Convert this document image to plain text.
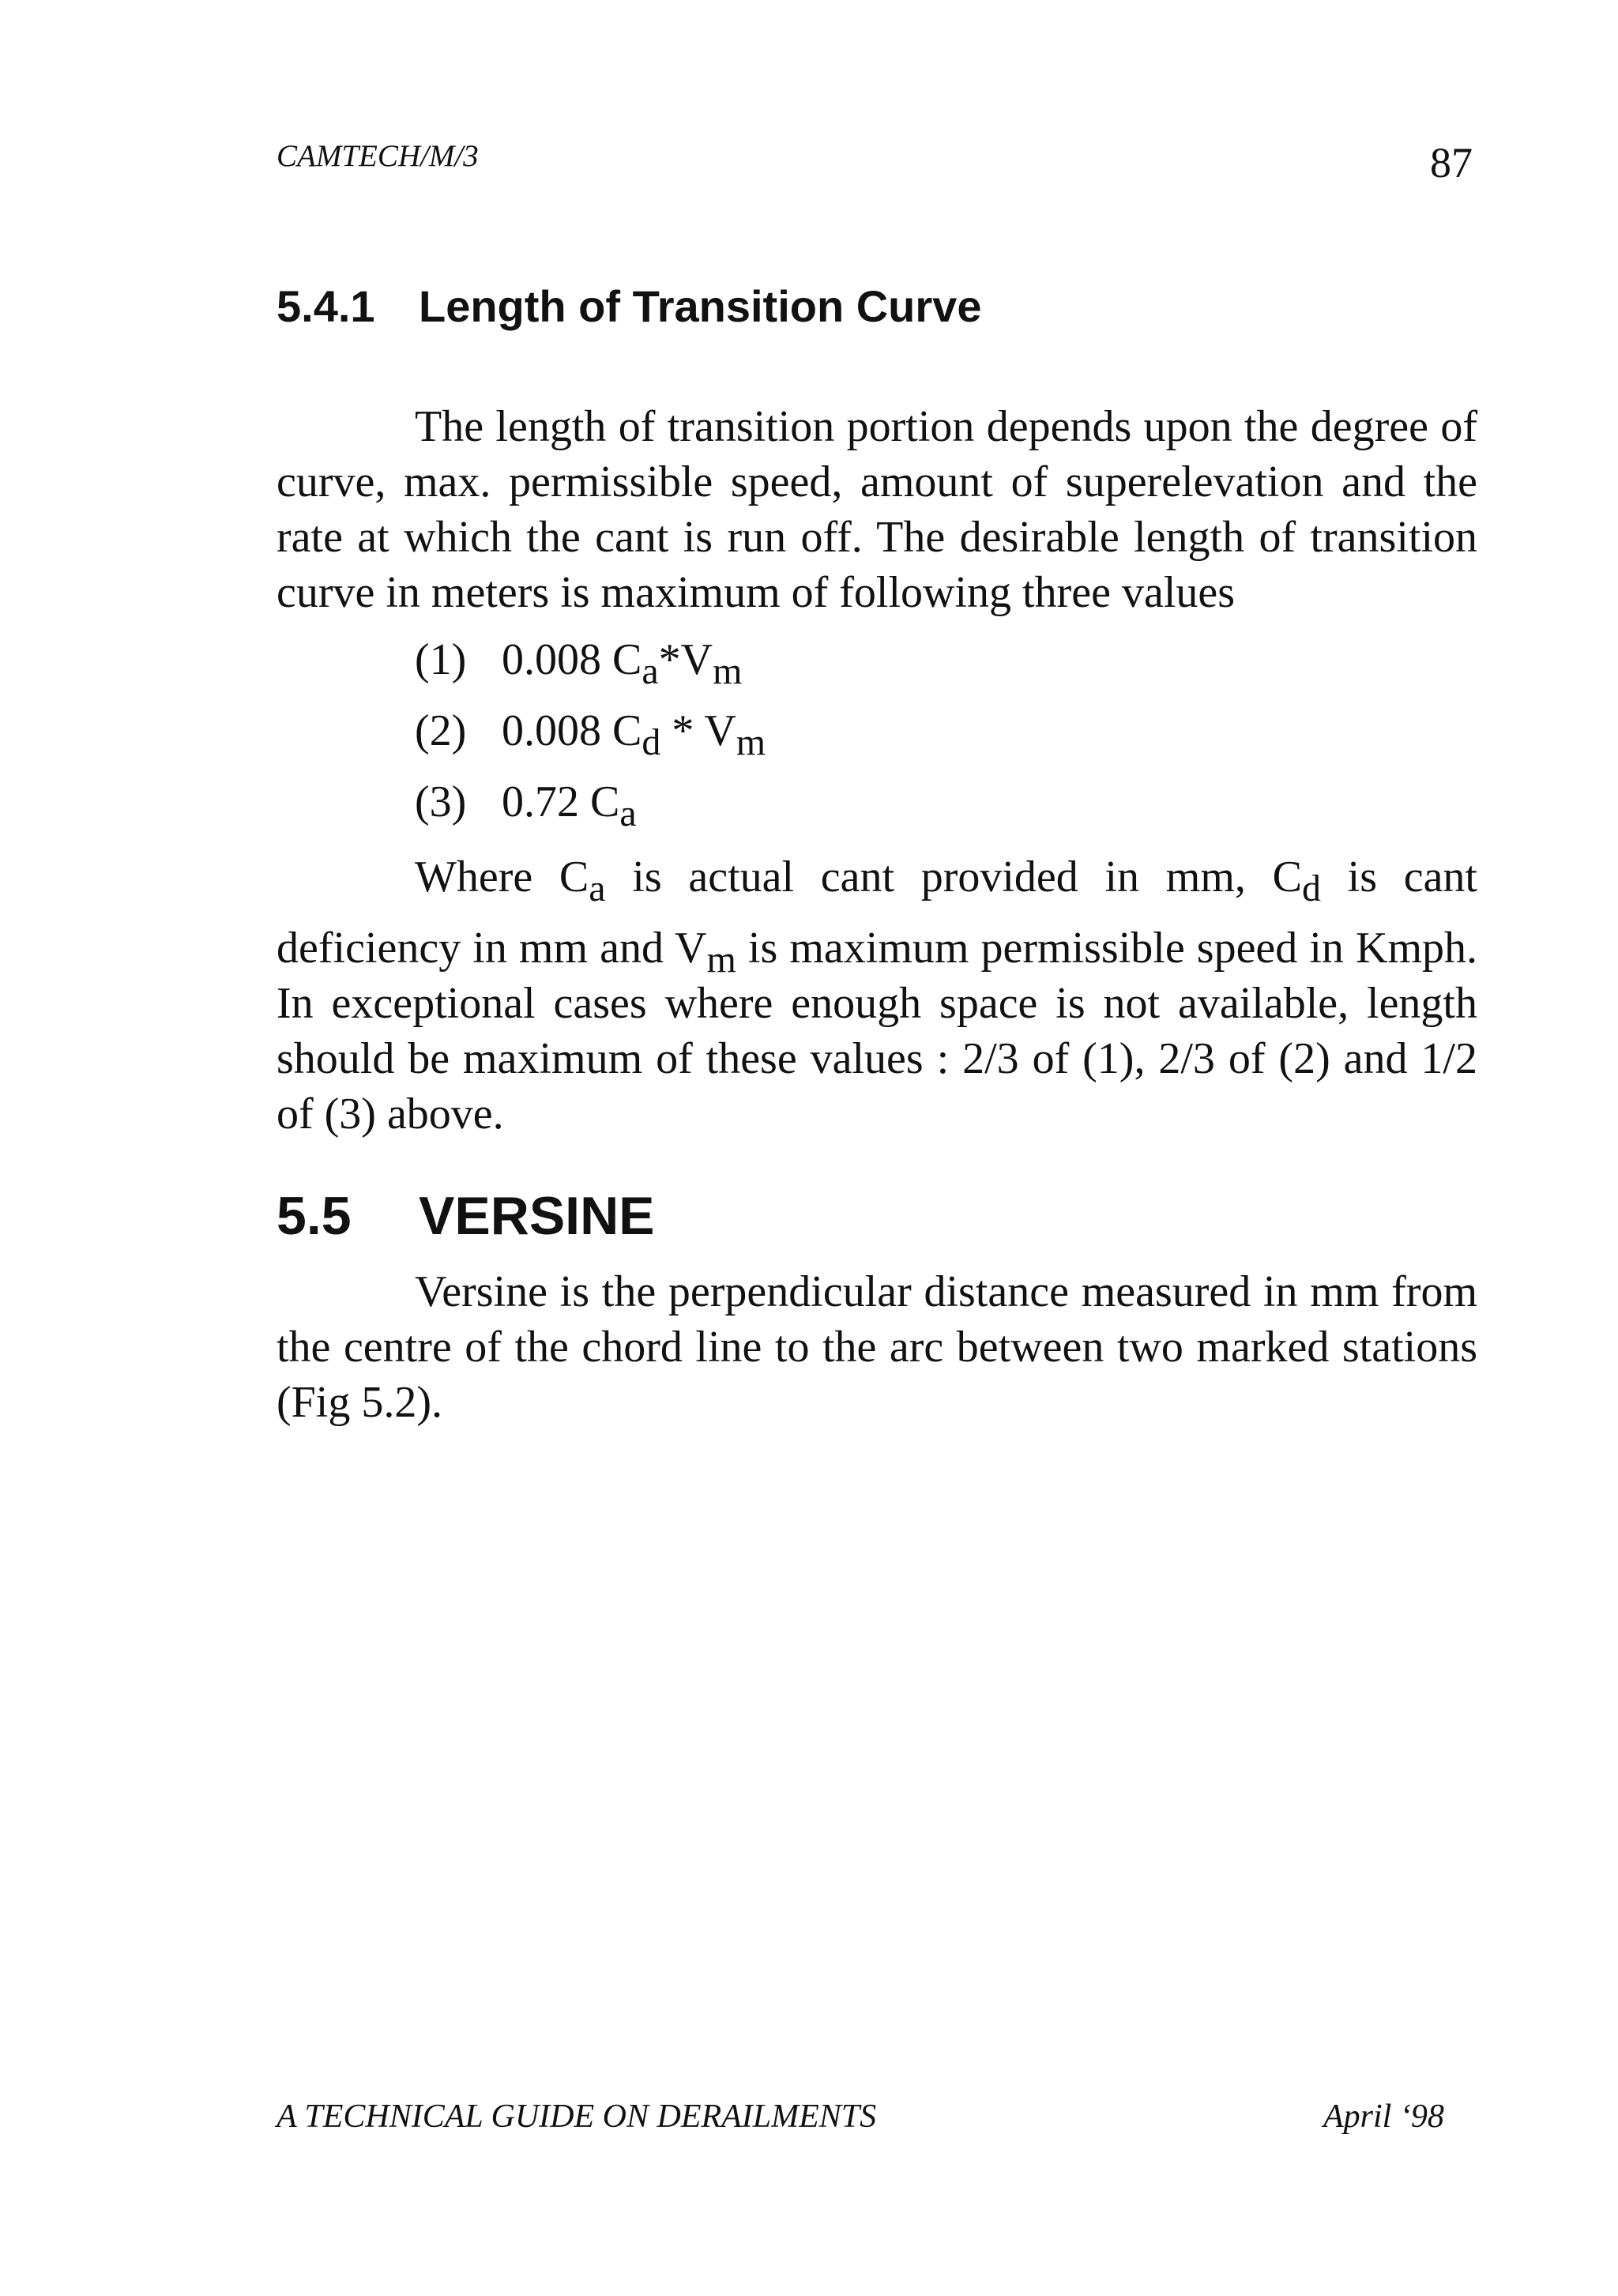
CAMTECH/M/3	87
5.4.1 Length of Transition Curve
The length of transition portion depends upon the degree of curve, max. permissible speed, amount of superelevation and the rate at which the cant is run off. The desirable length of transition curve in meters is maximum of following three values
(1) 0.008 $C_a*V_m$
(2) 0.008 $C_d * V_m$
(3) 0.72 $C_a$
Where $C_a$ is actual cant provided in mm, $C_d$ is cant
deficiency in mm and $V_m$ is maximum permissible speed in Kmph. In exceptional cases where enough space is not available, length should be maximum of these values : 2/3 of (1), 2/3 of (2) and 1/2 of (3) above.
5.5 VERSINE
Versine is the perpendicular distance measured in mm from the centre of the chord line to the arc between two marked stations (Fig 5.2).
A TECHNICAL GUIDE ON DERAILMENTS	April ‘98
